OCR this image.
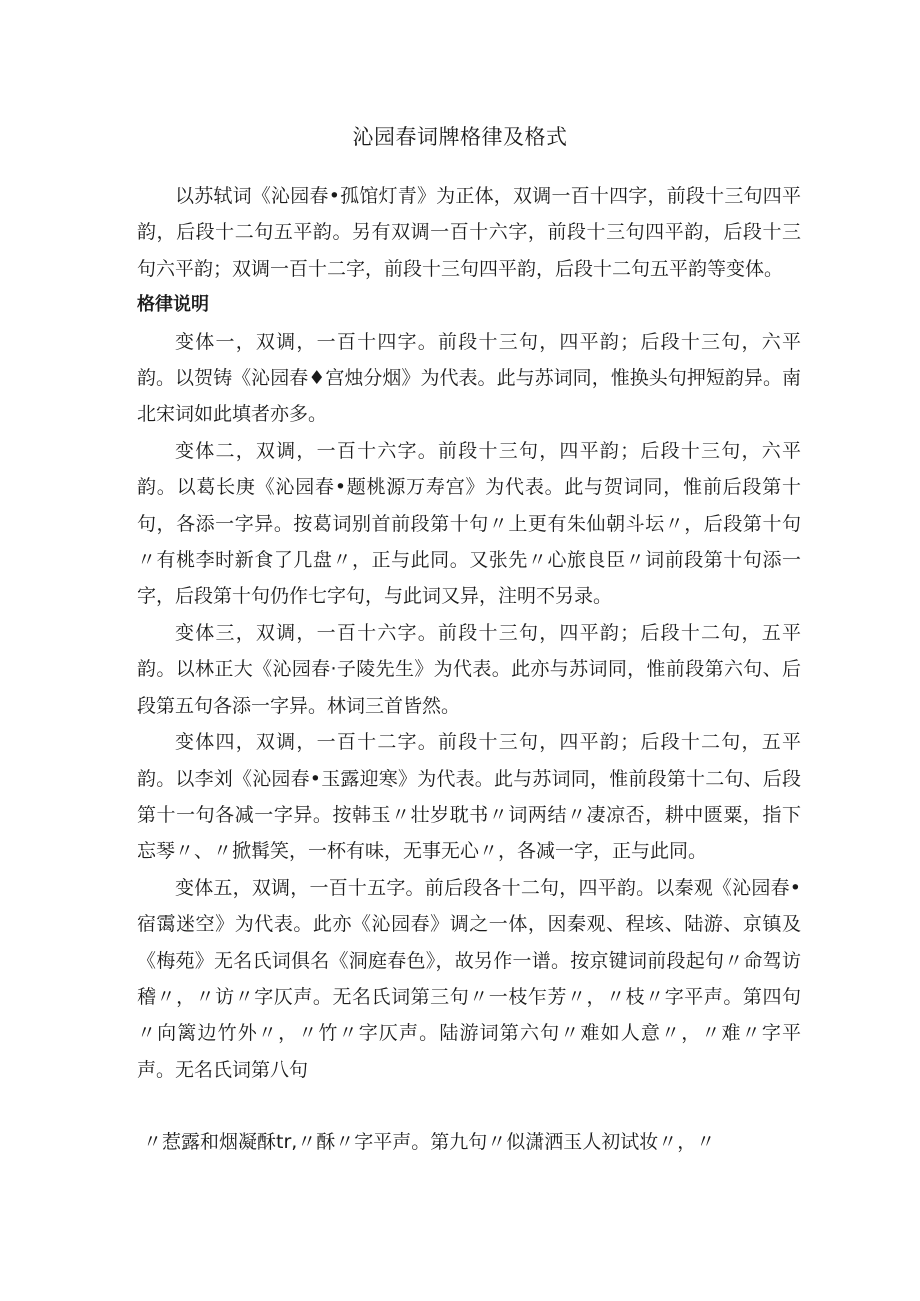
沁园春词牌格律及格式

以苏轼词《沁园春•孤馆灯青》为正体，双调一百十四字，前段十三句四平韵，后段十二句五平韵。另有双调一百十六字，前段十三句四平韵，后段十三句六平韵；双调一百十二字，前段十三句四平韵，后段十二句五平韵等变体。

格律说明

变体一，双调，一百十四字。前段十三句，四平韵；后段十三句，六平韵。以贺铸《沁园春♦宫烛分烟》为代表。此与苏词同，惟换头句押短韵异。南北宋词如此填者亦多。

变体二，双调，一百十六字。前段十三句，四平韵；后段十三句，六平韵。以葛长庚《沁园春•题桃源万寿宫》为代表。此与贺词同，惟前后段第十句，各添一字异。按葛词别首前段第十句〃上更有朱仙朝斗坛〃，后段第十句〃有桃李时新食了几盘〃，正与此同。又张先〃心旅良臣〃词前段第十句添一字，后段第十句仍作七字句，与此词又异，注明不另录。

变体三，双调，一百十六字。前段十三句，四平韵；后段十二句，五平韵。以林正大《沁园春·子陵先生》为代表。此亦与苏词同，惟前段第六句、后段第五句各添一字异。林词三首皆然。

变体四，双调，一百十二字。前段十三句，四平韵；后段十二句，五平韵。以李刘《沁园春•玉露迎寒》为代表。此与苏词同，惟前段第十二句、后段第十一句各减一字异。按韩玉〃壮岁耽书〃词两结〃凄凉否，耕中匮粟，指下忘琴〃、〃掀髯笑，一杯有味，无事无心〃，各减一字，正与此同。

变体五，双调，一百十五字。前后段各十二句，四平韵。以秦观《沁园春•宿霭迷空》为代表。此亦《沁园春》调之一体，因秦观、程垓、陆游、京镇及《梅苑》无名氏词俱名《洞庭春色》，故另作一谱。按京键词前段起句〃命驾访稽〃，〃访〃字仄声。无名氏词第三句〃一枝乍芳〃，〃枝〃字平声。第四句〃向篱边竹外〃，〃竹〃字仄声。陆游词第六句〃难如人意〃，〃难〃字平声。无名氏词第八句

〃惹露和烟凝酥tr,〃酥〃字平声。第九句〃似潇洒玉人初试妆〃，〃
